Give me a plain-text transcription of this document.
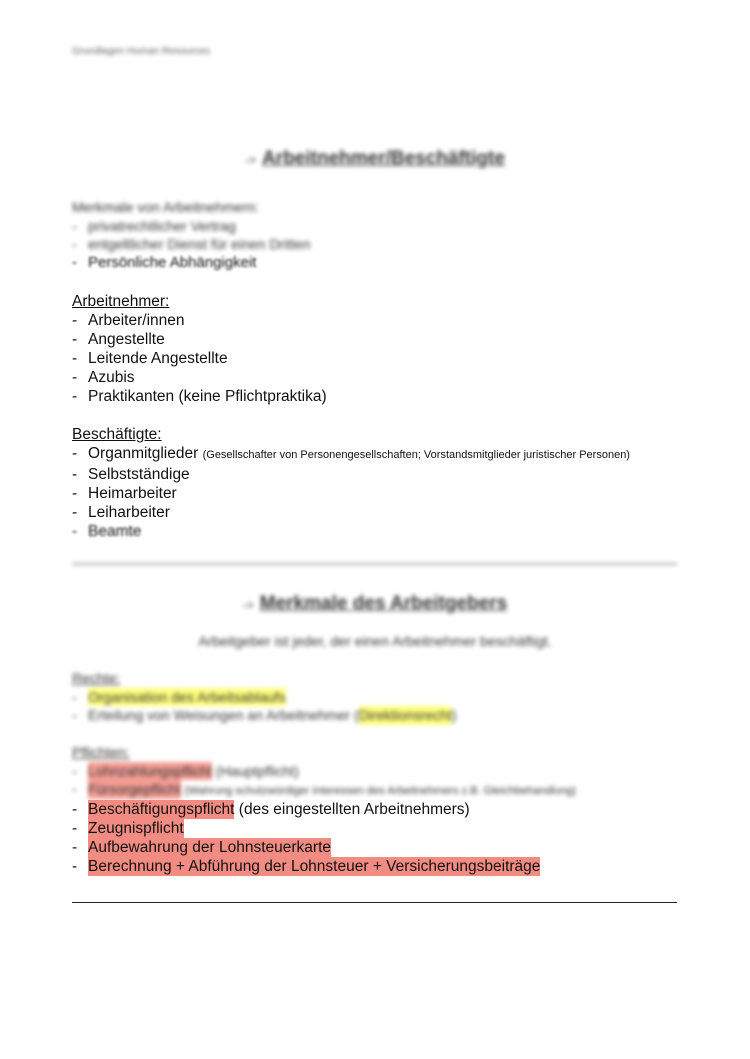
Grundlagen Human Resources
-> Arbeitnehmer/Beschäftigte
Merkmale von Arbeitnehmern:
- privatrechtlicher Vertrag
- entgeltlicher Dienst für einen Dritten
- Persönliche Abhängigkeit
Arbeitnehmer:
- Arbeiter/innen
- Angestellte
- Leitende Angestellte
- Azubis
- Praktikanten (keine Pflichtpraktika)
Beschäftigte:
- Organmitglieder
(Gesellschafter von Personengesellschaften; Vorstandsmitglieder juristischer Personen)
- Selbstständige
- Heimarbeiter
- Leiharbeiter
- Beamte
-> Merkmale des Arbeitgebers
Arbeitgeber ist jeder, der einen Arbeitnehmer beschäftigt.
Rechte:
- Organisation des Arbeitsablaufs
- Erteilung von Weisungen an Arbeitnehmer ( Direktionsrecht )
Pflichten:
- Lohnzahlungspflicht
(Hauptpflicht)
- Fürsorgepflicht
(Wahrung schutzwürdiger Interessen des Arbeitnehmers z.B. Gleichbehandlung)
- Beschäftigungspflicht
(des eingestellten Arbeitnehmers)
- Zeugnispflicht
- Aufbewahrung der Lohnsteuerkarte
- Berechnung + Abführung der Lohnsteuer + Versicherungsbeiträge
